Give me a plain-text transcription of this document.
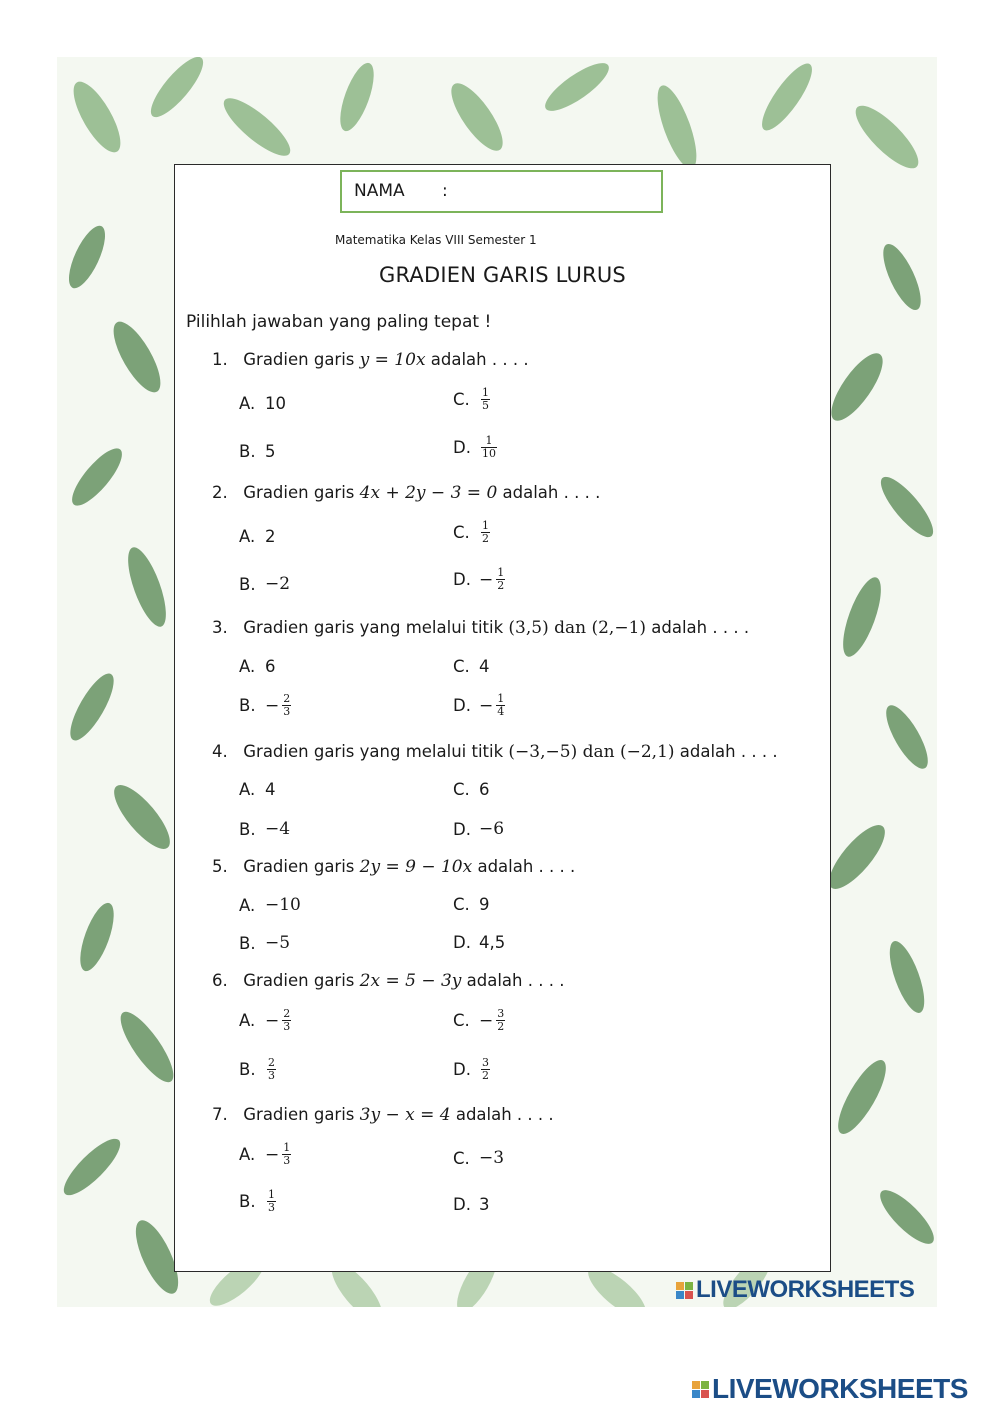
NAMA :
Matematika Kelas VIII Semester 1
GRADIEN GARIS LURUS
Pilihlah jawaban yang paling tepat !
1. Gradien garis y = 10x adalah . . . .
A. 10	C.	$\frac{1}{5}$
B. 5	D. $\frac{1}{10}$
2. Gradien garis 4x + 2y − 3 = 0 adalah . . . .
A. 2	C.	$\frac{1}{2}$
B. −2	D. − $\frac{1}{2}$
3. Gradien garis yang melalui titik (3,5) dan (2,−1) adalah . . . .
A. 6	C. 4
B. − $\frac{2}{3}$	D. − $\frac{1}{4}$
4. Gradien garis yang melalui titik (−3,−5) dan (−2,1) adalah . . . .
A. 4	C. 6
B. −4	D. −6
5. Gradien garis 2y = 9 − 10x adalah . . . .
A. −10	C. 9
B. −5	D. 4,5
6. Gradien garis 2x = 5 − 3y adalah . . . .
A. − $\frac{2}{3}$	C. − $\frac{3}{2}$
B.	$\frac{2}{3}$	D. $\frac{3}{2}$
7. Gradien garis 3y − x = 4 adalah . . . .
A. − $\frac{1}{3}$	C. −3
B.	$\frac{1}{3}$	D. 3
LIVEWORKSHEETS
LIVEWORKSHEETS
